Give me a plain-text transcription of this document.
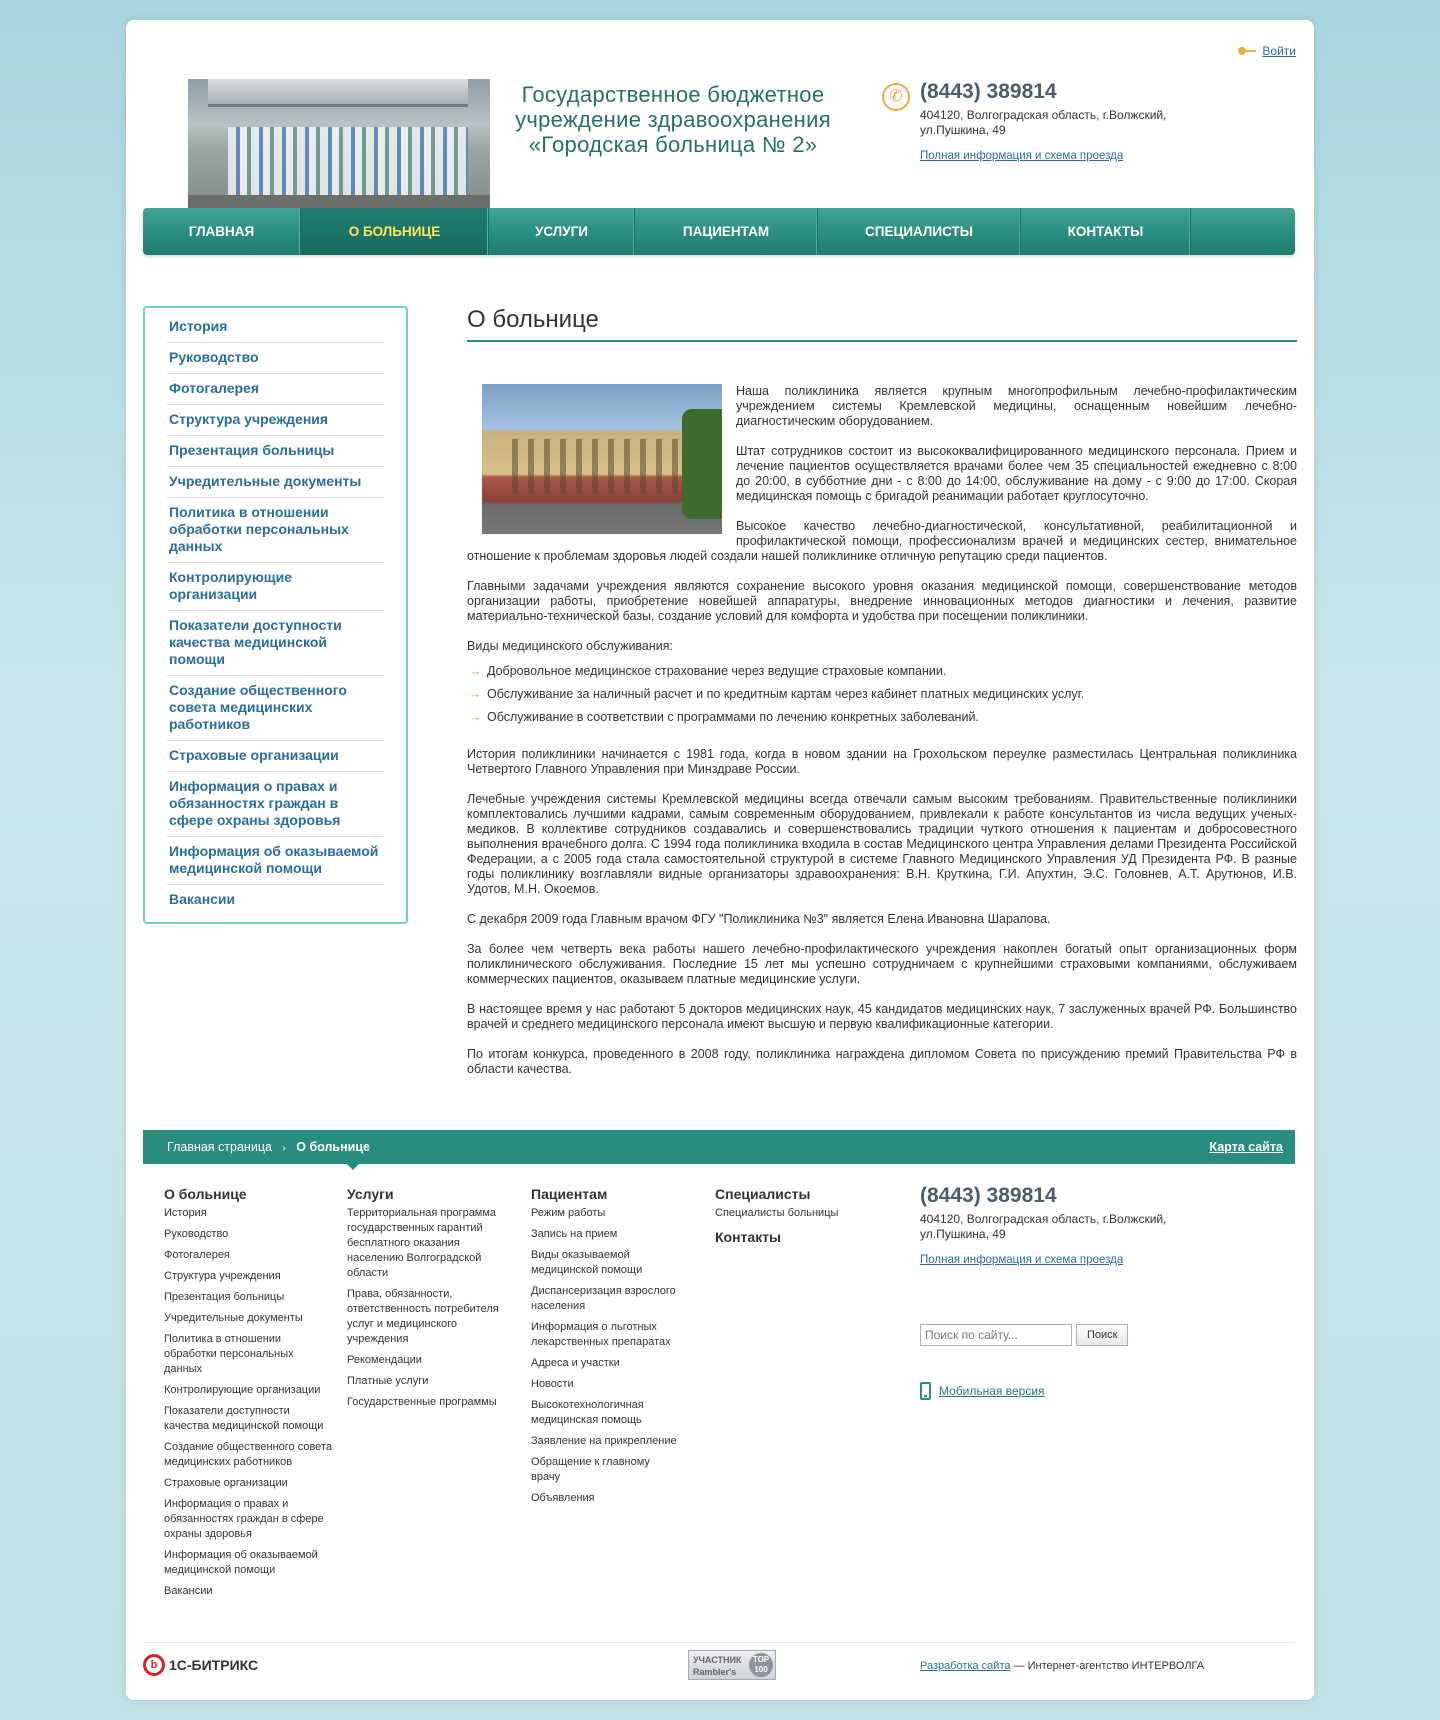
Войти
Государственное бюджетное
учреждение здравоохранения
«Городская больница № 2»
✆ (8443) 389814
404120, Волгоградская область, г.Волжский,
ул.Пушкина, 49
Полная информация и схема проезда
ГЛАВНАЯ	О БОЛЬНИЦЕ	УСЛУГИ	ПАЦИЕНТАМ	СПЕЦИАЛИСТЫ	КОНТАКТЫ
История
Руководство
Фотогалерея
Структура учреждения
Презентация больницы
Учредительные документы
Политика в отношении обработки персональных данных
Контролирующие организации
Показатели доступности качества медицинской помощи
Создание общественного совета медицинских работников
Страховые организации
Информация о правах и обязанностях граждан в сфере охраны здоровья
Информация об оказываемой медицинской помощи
Вакансии
О больнице

Наша поликлиника является крупным многопрофильным лечебно-профилактическим учреждением системы Кремлевской медицины, оснащенным новейшим лечебно-диагностическим оборудованием.

Штат сотрудников состоит из высококвалифицированного медицинского персонала. Прием и лечение пациентов осуществляется врачами более чем 35 специальностей ежедневно с 8:00 до 20:00, в субботние дни - с 8:00 до 14:00, обслуживание на дому - с 9:00 до 17:00. Скорая медицинская помощь с бригадой реанимации работает круглосуточно.

Высокое качество лечебно-диагностической, консультативной, реабилитационной и профилактической помощи, профессионализм врачей и медицинских сестер, внимательное отношение к проблемам здоровья людей создали нашей поликлинике отличную репутацию среди пациентов.

Главными задачами учреждения являются сохранение высокого уровня оказания медицинской помощи, совершенствование методов организации работы, приобретение новейшей аппаратуры, внедрение инновационных методов диагностики и лечения, развитие материально-технической базы, создание условий для комфорта и удобства при посещении поликлиники.

Виды медицинского обслуживания:
→ Добровольное медицинское страхование через ведущие страховые компании.
→ Обслуживание за наличный расчет и по кредитным картам через кабинет платных медицинских услуг.
→ Обслуживание в соответствии с программами по лечению конкретных заболеваний.

История поликлиники начинается с 1981 года, когда в новом здании на Грохольском переулке разместилась Центральная поликлиника Четвертого Главного Управления при Минздраве России.

Лечебные учреждения системы Кремлевской медицины всегда отвечали самым высоким требованиям. Правительственные поликлиники комплектовались лучшими кадрами, самым современным оборудованием, привлекали к работе консультантов из числа ведущих ученых-медиков. В коллективе сотрудников создавались и совершенствовались традиции чуткого отношения к пациентам и добросовестного выполнения врачебного долга. С 1994 года поликлиника входила в состав Медицинского центра Управления делами Президента Российской Федерации, а с 2005 года стала самостоятельной структурой в системе Главного Медицинского Управления УД Президента РФ. В разные годы поликлинику возглавляли видные организаторы здравоохранения: В.Н. Круткина, Г.И. Апухтин, Э.С. Головнев, А.Т. Арутюнов, И.В. Удотов, М.Н. Окоемов.

С декабря 2009 года Главным врачом ФГУ "Поликлиника №3" является Елена Ивановна Шарапова.

За более чем четверть века работы нашего лечебно-профилактического учреждения накоплен богатый опыт организационных форм поликлинического обслуживания. Последние 15 лет мы успешно сотрудничаем с крупнейшими страховыми компаниями, обслуживаем коммерческих пациентов, оказываем платные медицинские услуги.

В настоящее время у нас работают 5 докторов медицинских наук, 45 кандидатов медицинских наук, 7 заслуженных врачей РФ. Большинство врачей и среднего медицинского персонала имеют высшую и первую квалификационные категории.

По итогам конкурса, проведенного в 2008 году, поликлиника награждена дипломом Совета по присуждению премий Правительства РФ в области качества.

Главная страница › О больнице	Карта сайта
О больнице
История
Руководство
Фотогалерея
Структура учреждения
Презентация больницы
Учредительные документы
Политика в отношении обработки персональных данных
Контролирующие организации
Показатели доступности качества медицинской помощи
Создание общественного совета медицинских работников
Страховые организации
Информация о правах и обязанностях граждан в сфере охраны здоровья
Информация об оказываемой медицинской помощи
Вакансии
Услуги
Территориальная программа государственных гарантий бесплатного оказания населению Волгоградской области
Права, обязанности, ответственность потребителя услуг и медицинского учреждения
Рекомендации
Платные услуги
Государственные программы
Пациентам
Режим работы
Запись на прием
Виды оказываемой медицинской помощи
Диспансеризация взрослого населения
Информация о льготных лекарственных препаратах
Адреса и участки
Новости
Высокотехнологичная медицинская помощь
Заявление на прикрепление
Обращение к главному врачу
Объявления
Специалисты
Специалисты больницы
Контакты
(8443) 389814
404120, Волгоградская область, г.Волжский,
ул.Пушкина, 49
Полная информация и схема проезда
Поиск по сайту...
Поиск
Мобильная версия
b 1С-БИТРИКС	УЧАСТНИК
Rambler's
TOP 100	Разработка сайта — Интернет-агентство ИНТЕРВОЛГА
